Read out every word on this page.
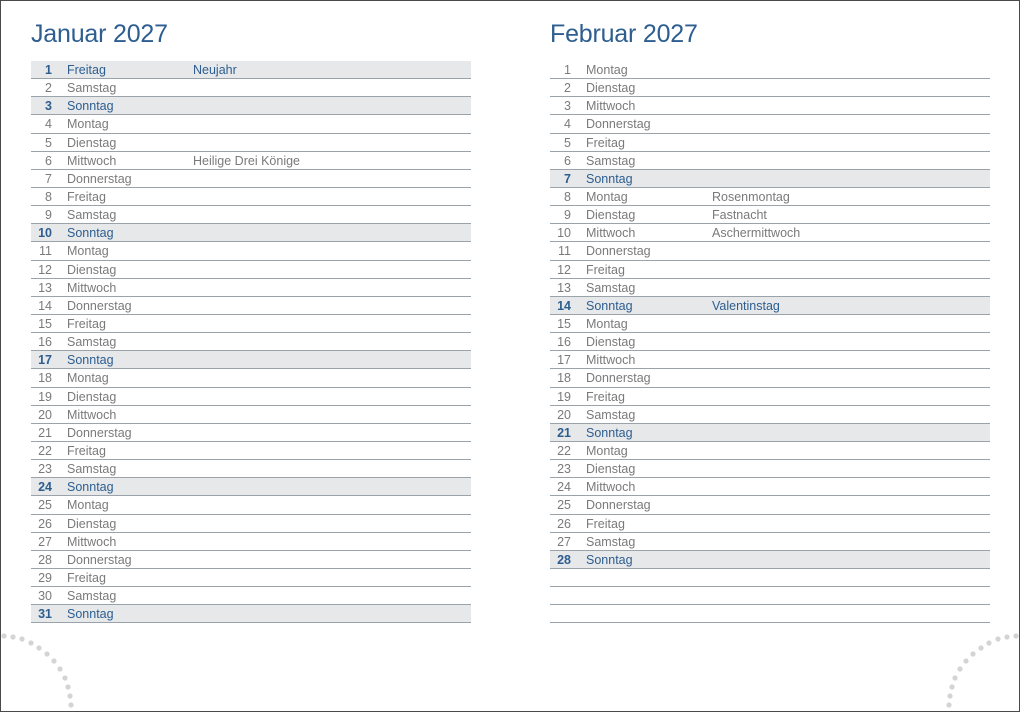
Januar 2027
1 Freitag	Neujahr
2 Samstag
3 Sonntag
4 Montag
5 Dienstag
6 Mittwoch	Heilige Drei Könige
7 Donnerstag
8 Freitag
9 Samstag
10 Sonntag
11 Montag
12 Dienstag
13 Mittwoch
14 Donnerstag
15 Freitag
16 Samstag
17 Sonntag
18 Montag
19 Dienstag
20 Mittwoch
21 Donnerstag
22 Freitag
23 Samstag
24 Sonntag
25 Montag
26 Dienstag
27 Mittwoch
28 Donnerstag
29 Freitag
30 Samstag
31 Sonntag
Februar 2027
1 Montag
2 Dienstag
3 Mittwoch
4 Donnerstag
5 Freitag
6 Samstag
7 Sonntag
8 Montag	Rosenmontag
9 Dienstag	Fastnacht
10 Mittwoch	Aschermittwoch
11 Donnerstag
12 Freitag
13 Samstag
14 Sonntag	Valentinstag
15 Montag
16 Dienstag
17 Mittwoch
18 Donnerstag
19 Freitag
20 Samstag
21 Sonntag
22 Montag
23 Dienstag
24 Mittwoch
25 Donnerstag
26 Freitag
27 Samstag
28 Sonntag
